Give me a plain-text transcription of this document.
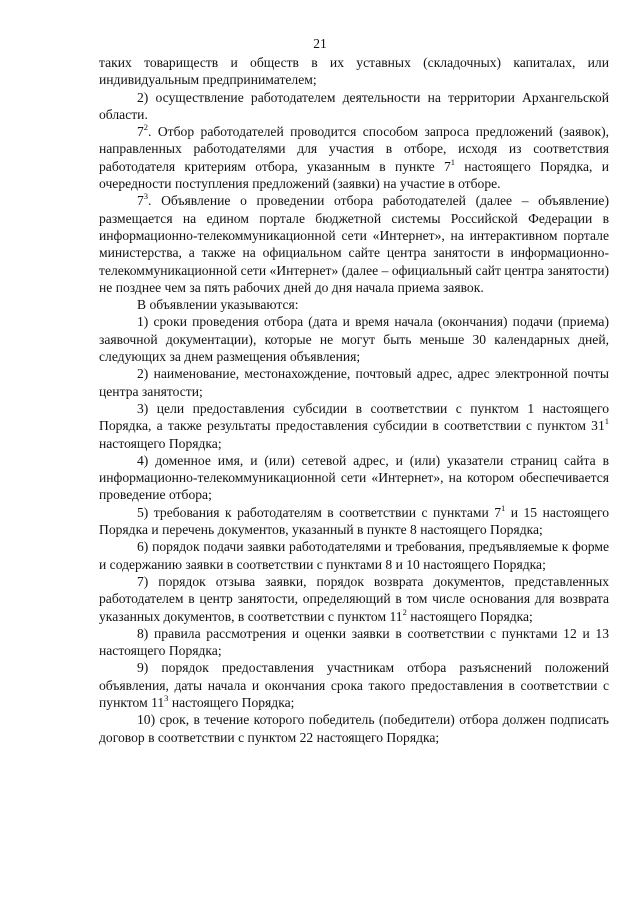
21

таких товариществ и обществ в их уставных (складочных) капиталах, или индивидуальным предпринимателем;

2) осуществление работодателем деятельности на территории Архангельской области.

$7^2$. Отбор работодателей проводится способом запроса предложений (заявок), направленных работодателями для участия в отборе, исходя из соответствия работодателя критериям отбора, указанным в пункте $7^1$ настоящего Порядка, и очередности поступления предложений (заявки) на участие в отборе.

$7^3$. Объявление о проведении отбора работодателей (далее – объявление) размещается на едином портале бюджетной системы Российской Федерации в информационно-телекоммуникационной сети «Интернет», на интерактивном портале министерства, а также на официальном сайте центра занятости в информационно-телекоммуникационной сети «Интернет» (далее – официальный сайт центра занятости) не позднее чем за пять рабочих дней до дня начала приема заявок.

В объявлении указываются:

1) сроки проведения отбора (дата и время начала (окончания) подачи (приема) заявочной документации), которые не могут быть меньше 30 календарных дней, следующих за днем размещения объявления;

2) наименование, местонахождение, почтовый адрес, адрес электронной почты центра занятости;

3) цели предоставления субсидии в соответствии с пунктом 1 настоящего Порядка, а также результаты предоставления субсидии в соответствии с пунктом $31^1$ настоящего Порядка;

4) доменное имя, и (или) сетевой адрес, и (или) указатели страниц сайта в информационно-телекоммуникационной сети «Интернет», на котором обеспечивается проведение отбора;

5) требования к работодателям в соответствии с пунктами $7^1$ и 15 настоящего Порядка и перечень документов, указанный в пункте 8 настоящего Порядка;

6) порядок подачи заявки работодателями и требования, предъявляемые к форме и содержанию заявки в соответствии с пунктами 8 и 10 настоящего Порядка;

7) порядок отзыва заявки, порядок возврата документов, представленных работодателем в центр занятости, определяющий в том числе основания для возврата указанных документов, в соответствии с пунктом $11^2$ настоящего Порядка;

8) правила рассмотрения и оценки заявки в соответствии с пунктами 12 и 13 настоящего Порядка;

9) порядок предоставления участникам отбора разъяснений положений объявления, даты начала и окончания срока такого предоставления в соответствии с пунктом $11^3$ настоящего Порядка;

10) срок, в течение которого победитель (победители) отбора должен подписать договор в соответствии с пунктом 22 настоящего Порядка;
